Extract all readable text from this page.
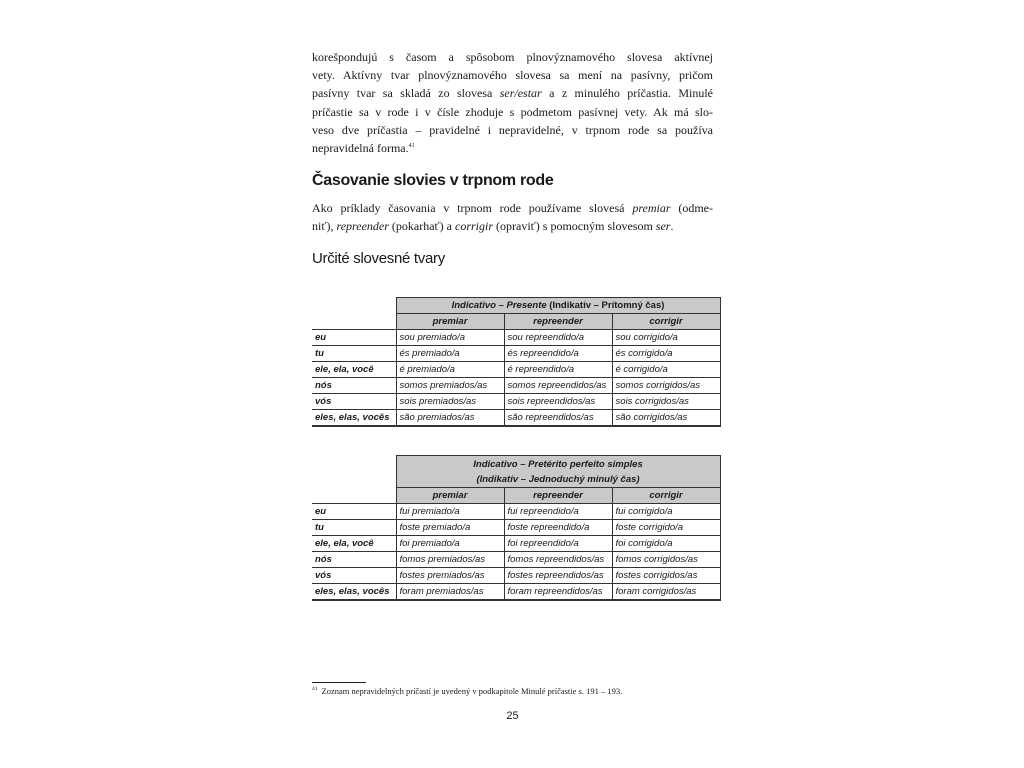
korešpondujú s časom a spôsobom plnovýznamového slovesa aktívnej
vety. Aktívny tvar plnovýznamového slovesa sa mení na pasívny, pričom
pasívny tvar sa skladá zo slovesa ser/estar a z minulého príčastia. Minulé
príčastie sa v rode i v čísle zhoduje s podmetom pasívnej vety. Ak má slo-
veso dve príčastia – pravidelné i nepravidelné, v trpnom rode sa používa
nepravidelná forma.$^{41}$

Časovanie slovies v trpnom rode

Ako príklady časovania v trpnom rode používame slovesá premiar (odme-
niť), repreender (pokarhať) a corrigir (opraviť) s pomocným slovesom ser.

Určité slovesné tvary
	Indicativo – Presente (Indikatív – Prítomný čas)		
	premiar	repreender	corrigir
eu	sou premiado/a	sou repreendido/a	sou corrigido/a
tu	és premiado/a	és repreendido/a	és corrigido/a
ele, ela, você	é premiado/a	é repreendido/a	é corrigido/a
nós	somos premiados/as	somos repreendidos/as	somos corrigidos/as
vós	sois premiados/as	sois repreendidos/as	sois corrigidos/as
eles, elas, vocês	são premiados/as	são repreendidos/as	são corrigidos/as
	Indicativo – Pretérito perfeito simples
(Indikatív – Jednoduchý minulý čas)		
	premiar	repreender	corrigir
eu	fui premiado/a	fui repreendido/a	fui corrigido/a
tu	foste premiado/a	foste repreendido/a	foste corrigido/a
ele, ela, você	foi premiado/a	foi repreendido/a	foi corrigido/a
nós	fomos premiados/as	fomos repreendidos/as	fomos corrigidos/as
vós	fostes premiados/as	fostes repreendidos/as	fostes corrigidos/as
eles, elas, vocês	foram premiados/as	foram repreendidos/as	foram corrigidos/as
$^{41}$ Zoznam nepravidelných príčastí je uvedený v podkapitole Minulé príčastie s. 191 – 193.
25
